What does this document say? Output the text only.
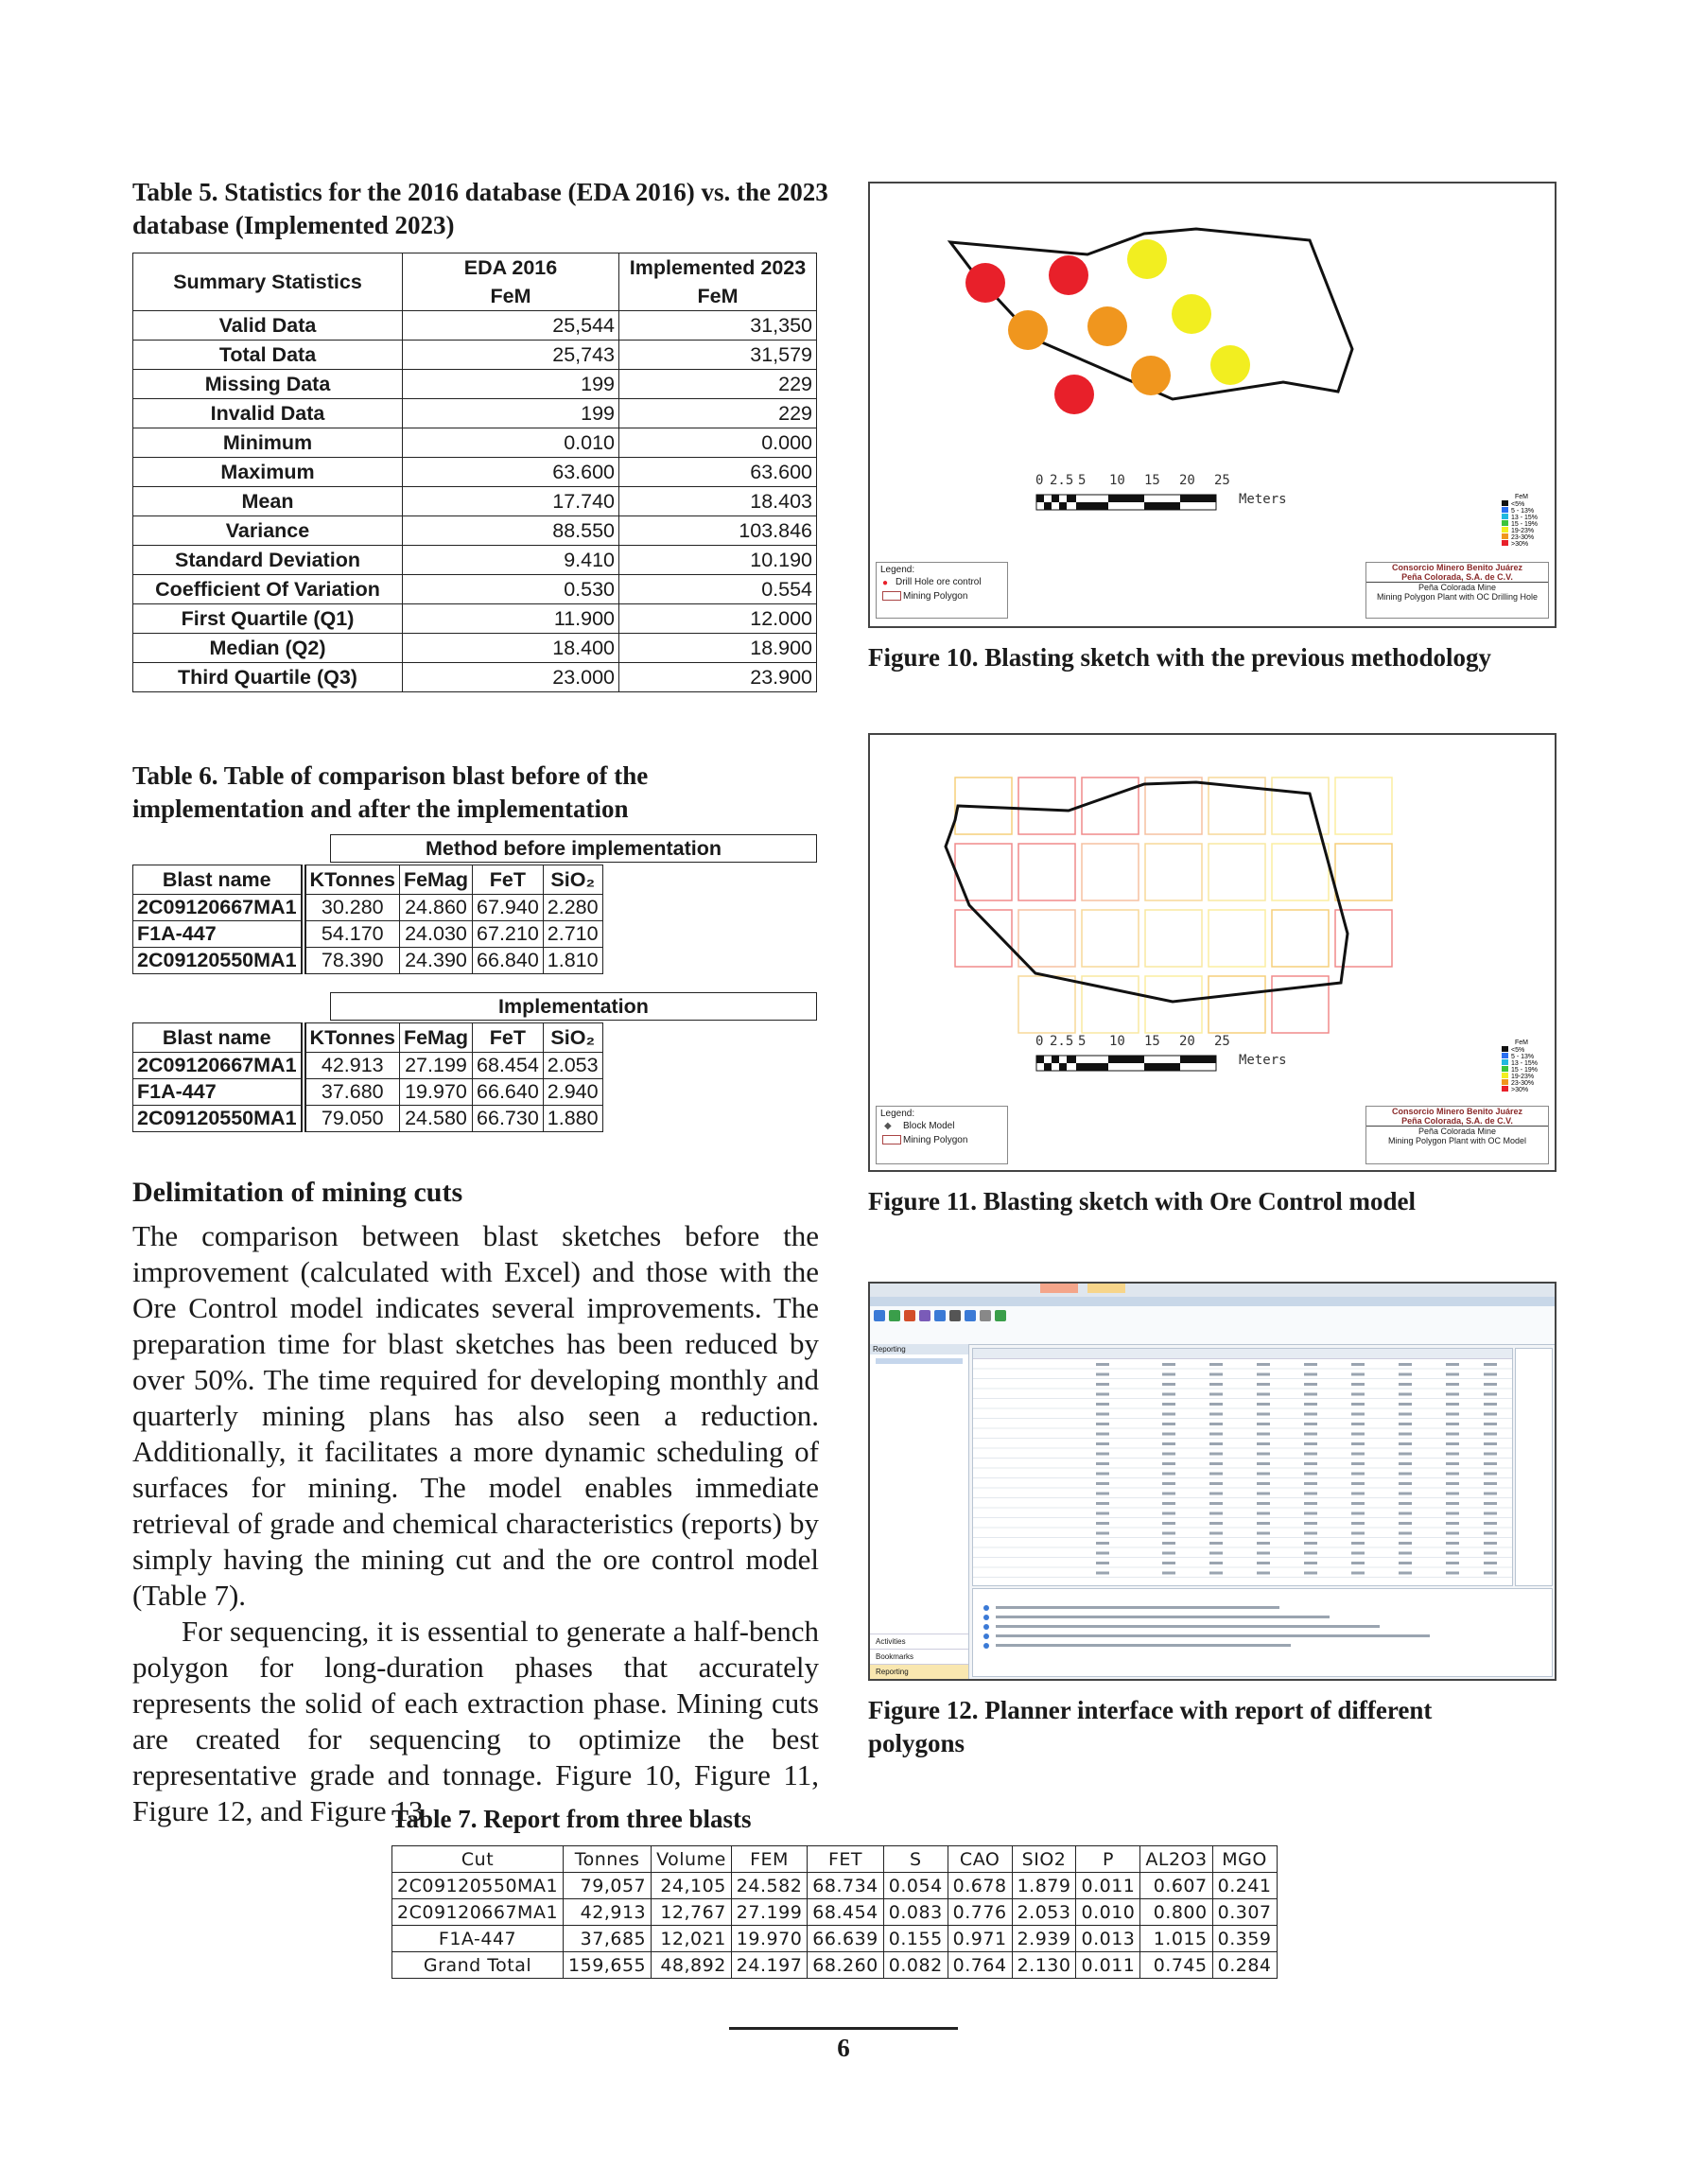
Table 5. Statistics for the 2016 database (EDA 2016) vs. the 2023 database (Implemented 2023)
Summary Statistics	EDA 2016	Implemented 2023
	FeM	FeM
Valid Data	25,544	31,350
Total Data	25,743	31,579
Missing Data	199	229
Invalid Data	199	229
Minimum	0.010	0.000
Maximum	63.600	63.600
Mean	17.740	18.403
Variance	88.550	103.846
Standard Deviation	9.410	10.190
Coefficient Of Variation	0.530	0.554
First Quartile (Q1)	11.900	12.000
Median (Q2)	18.400	18.900
Third Quartile (Q3)	23.000	23.900
Table 6. Table of comparison blast before of the implementation and after the implementation
Method before implementation
Blast name	KTonnes	FeMag	FeT	SiO₂
2C09120667MA1	30.280	24.860	67.940	2.280
F1A-447	54.170	24.030	67.210	2.710
2C09120550MA1	78.390	24.390	66.840	1.810
Implementation
Blast name	KTonnes	FeMag	FeT	SiO₂
2C09120667MA1	42.913	27.199	68.454	2.053
F1A-447	37.680	19.970	66.640	2.940
2C09120550MA1	79.050	24.580	66.730	1.880
Delimitation of mining cuts

The comparison between blast sketches before the improvement (calculated with Excel) and those with the Ore Control model indicates several improvements. The preparation time for blast sketches has been reduced by over 50%. The time required for developing monthly and quarterly mining plans has also seen a reduction. Additionally, it facilitates a more dynamic scheduling of surfaces for mining. The model enables immediate retrieval of grade and chemical characteristics (reports) by simply having the mining cut and the ore control model (Table 7).

For sequencing, it is essential to generate a half-bench polygon for long-duration phases that accurately represents the solid of each extraction phase. Mining cuts are created for sequencing to optimize the best representative grade and tonnage. Figure 10, Figure 11, Figure 12, and Figure 13

0 2.5 5 10 15 20 25
Meters	FeM
<5%
5 - 13%
13 - 15%
15 - 19%
19-23%
23-30%
>30%
Legend:
● Drill Hole ore control
Mining Polygon
Consorcio Minero Benito Juárez
Peña Colorada, S.A. de C.V.
Peña Colorada Mine
Mining Polygon Plant with OC Drilling Hole
Figure 10. Blasting sketch with the previous methodology
0 2.5 5 10 15 20 25
Meters
FeM
<5%
5 - 13%
13 - 15%
15 - 19%
19-23%
23-30%
>30%
Legend:
◆ Block Model
Mining Polygon
Consorcio Minero Benito Juárez
Peña Colorada, S.A. de C.V.
Peña Colorada Mine
Mining Polygon Plant with OC Model
Figure 11. Blasting sketch with Ore Control model
Reporting
Activities
Bookmarks
Reporting
Figure 12. Planner interface with report of different polygons
Table 7. Report from three blasts
Cut	Tonnes	Volume	FEM	FET	S	CAO	SIO2	P	AL2O3	MGO
2C09120550MA1	79,057	24,105	24.582	68.734	0.054	0.678	1.879	0.011	0.607	0.241
2C09120667MA1	42,913	12,767	27.199	68.454	0.083	0.776	2.053	0.010	0.800	0.307
F1A-447	37,685	12,021	19.970	66.639	0.155	0.971	2.939	0.013	1.015	0.359
Grand Total	159,655	48,892	24.197	68.260	0.082	0.764	2.130	0.011	0.745	0.284
6
